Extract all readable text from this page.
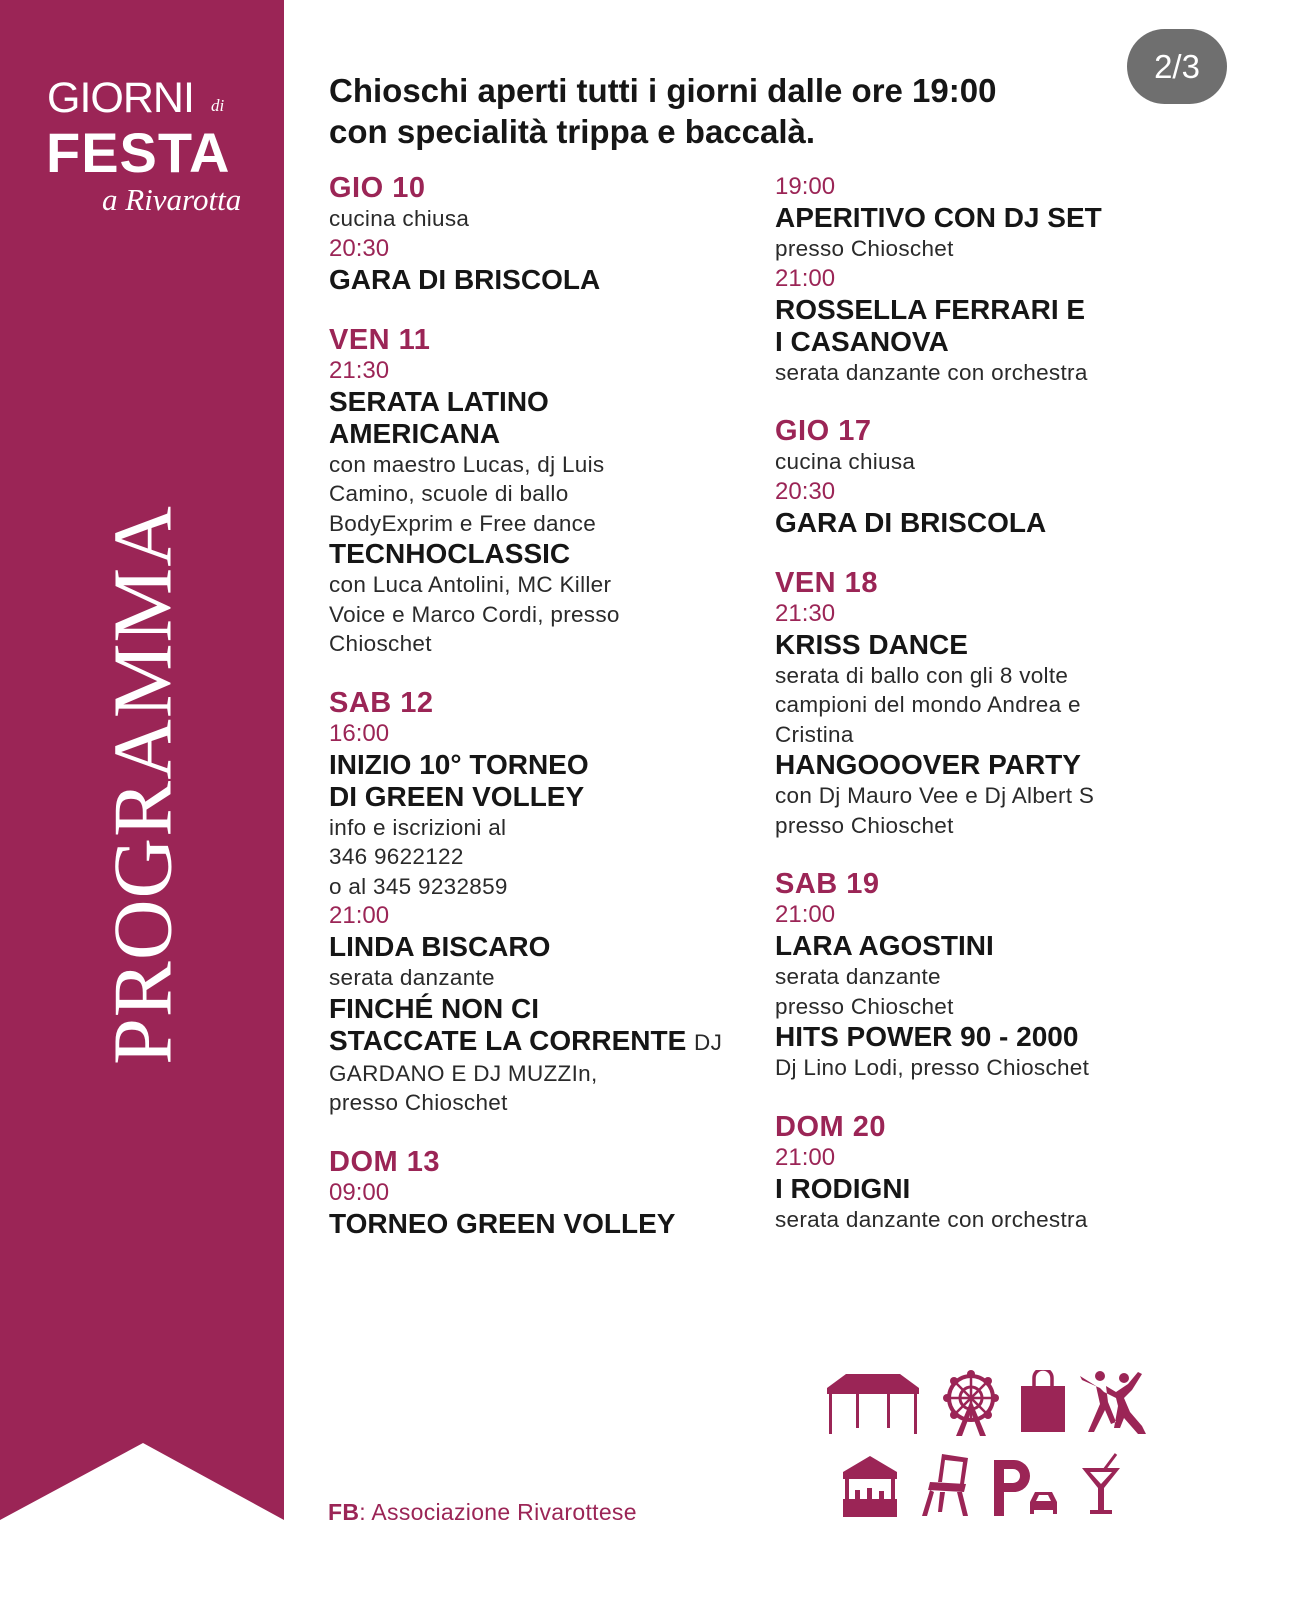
GIORNI di
FESTA
a Rivarotta
PROGRAMMA
2/3
Chioschi aperti tutti i giorni dalle ore 19:00
con specialità trippa e baccalà.
GIO 10
cucina chiusa
20:30
GARA DI BRISCOLA
VEN 11
21:30
SERATA LATINO
AMERICANA
con maestro Lucas, dj Luis
Camino, scuole di ballo
BodyExprim e Free dance
TECNHOCLASSIC
con Luca Antolini, MC Killer
Voice e Marco Cordi, presso
Chioschet
SAB 12
16:00
INIZIO 10° TORNEO
DI GREEN VOLLEY
info e iscrizioni al
346 9622122
o al 345 9232859
21:00
LINDA BISCARO
serata danzante
FINCHÉ NON CI
STACCATE LA CORRENTE DJ
GARDANO E DJ MUZZIn,
presso Chioschet
DOM 13
09:00
TORNEO GREEN VOLLEY
19:00
APERITIVO CON DJ SET
presso Chioschet
21:00
ROSSELLA FERRARI E
I CASANOVA
serata danzante con orchestra
GIO 17
cucina chiusa
20:30
GARA DI BRISCOLA
VEN 18
21:30
KRISS DANCE
serata di ballo con gli 8 volte
campioni del mondo Andrea e
Cristina
HANGOOOVER PARTY
con Dj Mauro Vee e Dj Albert S
presso Chioschet
SAB 19
21:00
LARA AGOSTINI
serata danzante
presso Chioschet
HITS POWER 90 - 2000
Dj Lino Lodi, presso Chioschet
DOM 20
21:00
I RODIGNI
serata danzante con orchestra
FB: Associazione Rivarottese
